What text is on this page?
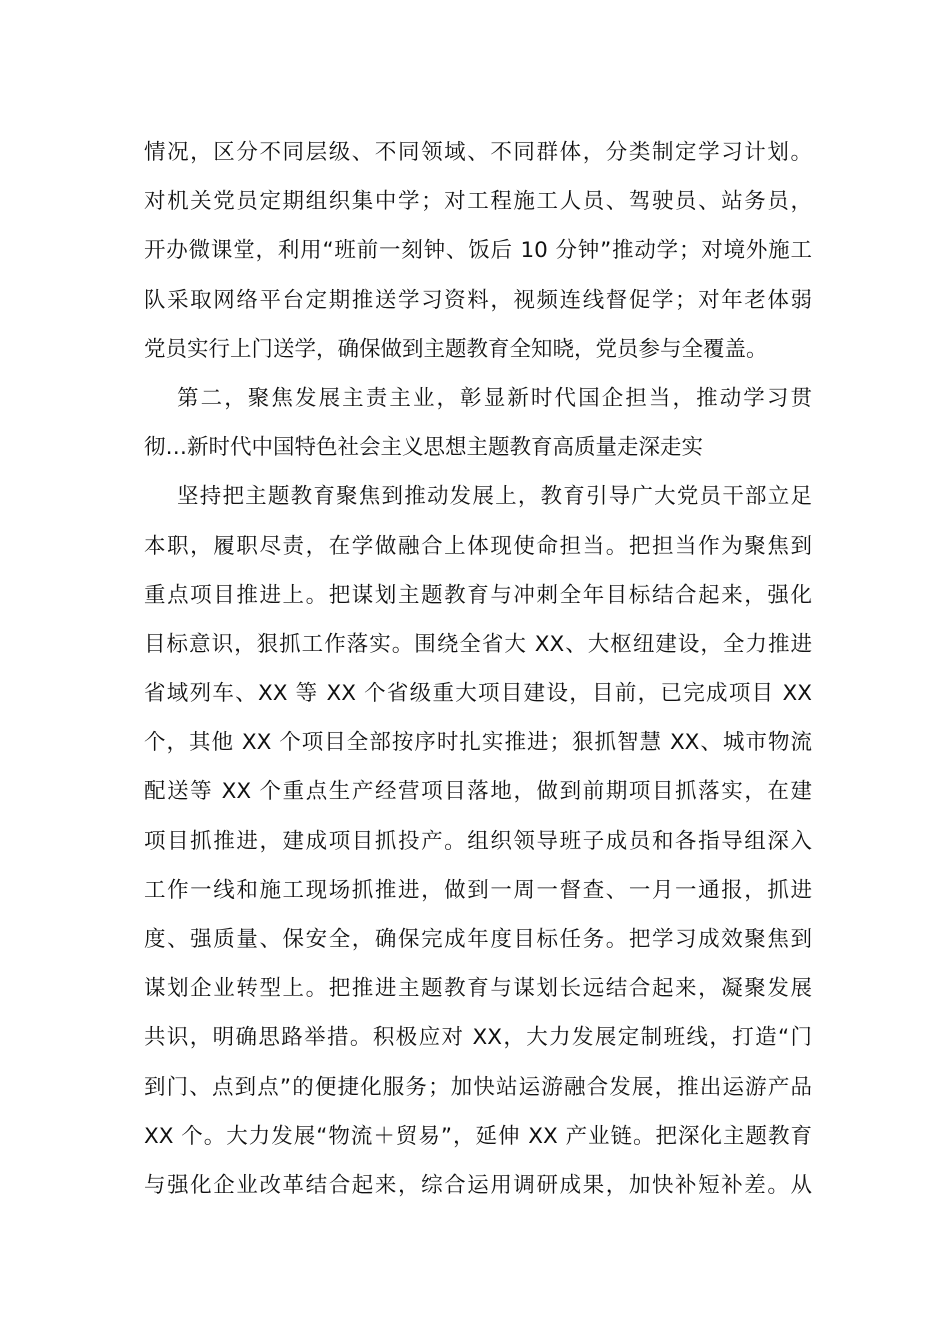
情况，区分不同层级、不同领域、不同群体，分类制定学习计划。
对机关党员定期组织集中学；对工程施工人员、驾驶员、站务员，
开办微课堂，利用“班前一刻钟、饭后 10 分钟”推动学；对境外施工
队采取网络平台定期推送学习资料，视频连线督促学；对年老体弱
党员实行上门送学，确保做到主题教育全知晓，党员参与全覆盖。
第二，聚焦发展主责主业，彰显新时代国企担当，推动学习贯
彻…新时代中国特色社会主义思想主题教育高质量走深走实
坚持把主题教育聚焦到推动发展上，教育引导广大党员干部立足
本职，履职尽责，在学做融合上体现使命担当。把担当作为聚焦到
重点项目推进上。把谋划主题教育与冲刺全年目标结合起来，强化
目标意识，狠抓工作落实。围绕全省大 XX、大枢纽建设，全力推进
省域列车、XX 等 XX 个省级重大项目建设，目前，已完成项目 XX
个，其他 XX 个项目全部按序时扎实推进；狠抓智慧 XX、城市物流
配送等 XX 个重点生产经营项目落地，做到前期项目抓落实，在建
项目抓推进，建成项目抓投产。组织领导班子成员和各指导组深入
工作一线和施工现场抓推进，做到一周一督查、一月一通报，抓进
度、强质量、保安全，确保完成年度目标任务。把学习成效聚焦到
谋划企业转型上。把推进主题教育与谋划长远结合起来，凝聚发展
共识，明确思路举措。积极应对 XX，大力发展定制班线，打造“门
到门、点到点”的便捷化服务；加快站运游融合发展，推出运游产品
XX 个。大力发展“物流＋贸易”，延伸 XX 产业链。把深化主题教育
与强化企业改革结合起来，综合运用调研成果，加快补短补差。从
